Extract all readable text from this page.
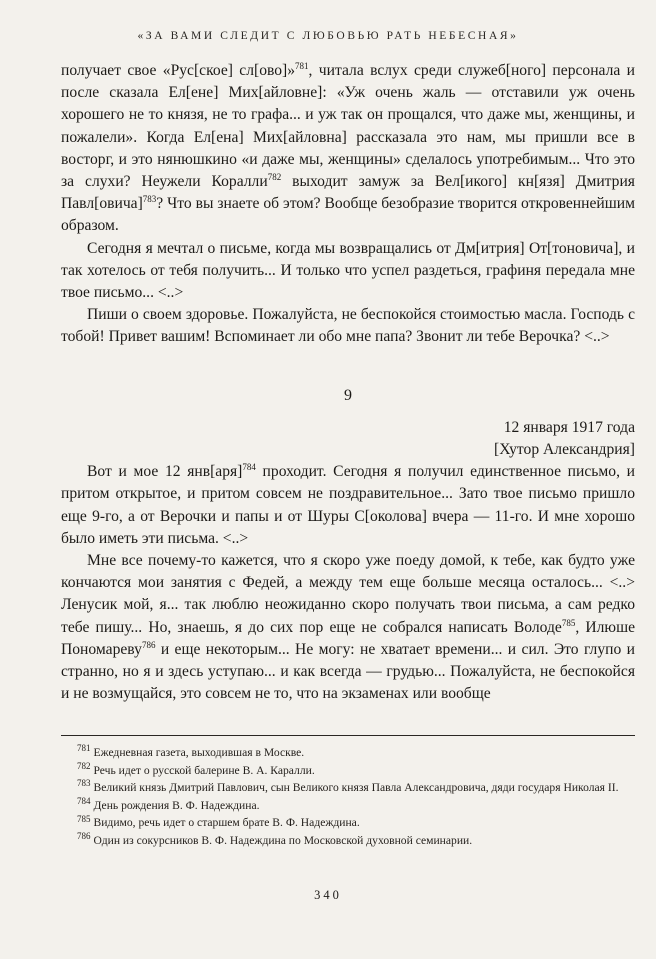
«ЗА ВАМИ СЛЕДИТ С ЛЮБОВЬЮ РАТЬ НЕБЕСНАЯ»

получает свое «Рус[ское] сл[ово]»$^{781}$, читала вслух среди служеб[ного] персонала и после сказала Ел[ене] Мих[айловне]: «Уж очень жаль — отставили уж очень хорошего не то князя, не то графа... и уж так он прощался, что даже мы, женщины, и пожалели». Когда Ел[ена] Мих[айловна] рассказала это нам, мы пришли все в восторг, и это нянюшкино «и даже мы, женщины» сделалось употребимым... Что это за слухи? Неужели Коралли$^{782}$ выходит замуж за Вел[икого] кн[язя] Дмитрия Павл[овича]$^{783}$? Что вы знаете об этом? Вообще безобразие творится откровеннейшим образом.

Сегодня я мечтал о письме, когда мы возвращались от Дм[итрия] От[тоновича], и так хотелось от тебя получить... И только что успел раздеться, графиня передала мне твое письмо... <..>

Пиши о своем здоровье. Пожалуйста, не беспокойся стоимостью масла. Господь с тобой! Привет вашим! Вспоминает ли обо мне папа? Звонит ли тебе Верочка? <..>

9
12 января 1917 года
[Хутор Александрия]

Вот и мое 12 янв[аря]$^{784}$ проходит. Сегодня я получил единственное письмо, и притом открытое, и притом совсем не поздравительное... Зато твое письмо пришло еще 9-го, а от Верочки и папы и от Шуры С[околова] вчера — 11-го. И мне хорошо было иметь эти письма. <..>

Мне все почему-то кажется, что я скоро уже поеду домой, к тебе, как будто уже кончаются мои занятия с Федей, а между тем еще больше месяца осталось... <..> Ленусик мой, я... так люблю неожиданно скоро получать твои письма, а сам редко тебе пишу... Но, знаешь, я до сих пор еще не собрался написать Володе$^{785}$, Илюше Пономареву$^{786}$ и еще некоторым... Не могу: не хватает времени... и сил. Это глупо и странно, но я и здесь уступаю... и как всегда — грудью... Пожалуйста, не беспокойся и не возмущайся, это совсем не то, что на экзаменах или вообще

$^{781}$ Ежедневная газета, выходившая в Москве.

$^{782}$ Речь идет о русской балерине В. А. Каралли.

$^{783}$ Великий князь Дмитрий Павлович, сын Великого князя Павла Александровича, дяди государя Николая II.

$^{784}$ День рождения В. Ф. Надеждина.

$^{785}$ Видимо, речь идет о старшем брате В. Ф. Надеждина.

$^{786}$ Один из сокурсников В. Ф. Надеждина по Московской духовной семинарии.

340
